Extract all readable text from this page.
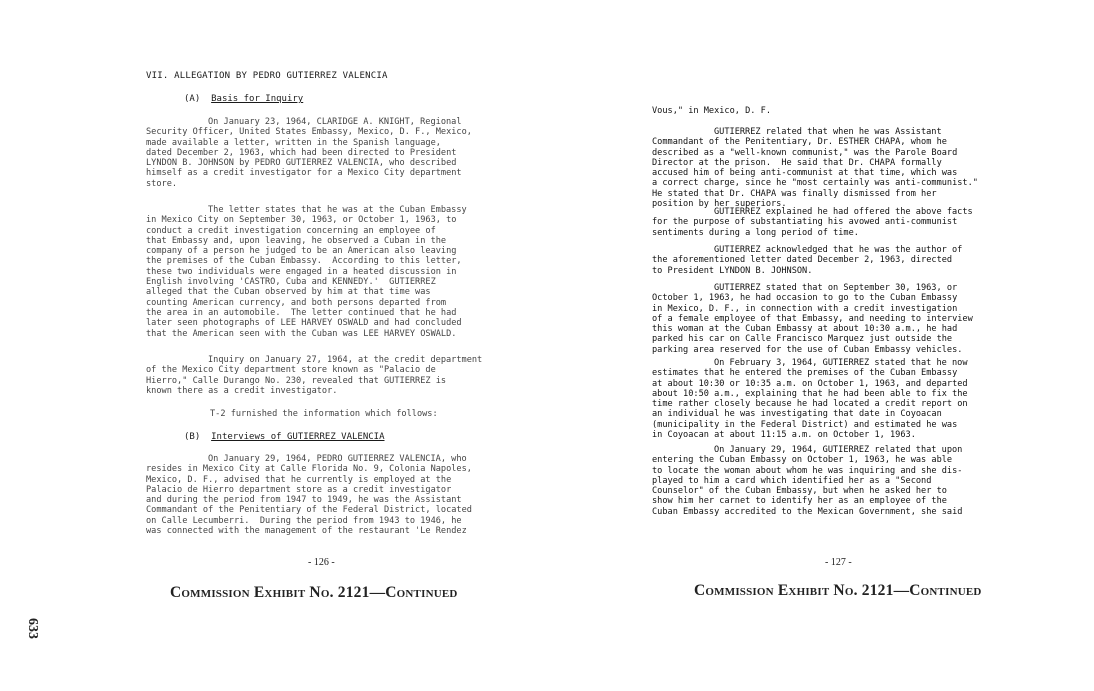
VII. ALLEGATION BY PEDRO GUTIERREZ VALENCIA
(A) Basis for Inquiry
On January 23, 1964, CLARIDGE A. KNIGHT, Regional
Security Officer, United States Embassy, Mexico, D. F., Mexico,
made available a letter, written in the Spanish language,
dated December 2, 1963, which had been directed to President
LYNDON B. JOHNSON by PEDRO GUTIERREZ VALENCIA, who described
himself as a credit investigator for a Mexico City department
store.
The letter states that he was at the Cuban Embassy
in Mexico City on September 30, 1963, or October 1, 1963, to
conduct a credit investigation concerning an employee of
that Embassy and, upon leaving, he observed a Cuban in the
company of a person he judged to be an American also leaving
the premises of the Cuban Embassy.  According to this letter,
these two individuals were engaged in a heated discussion in
English involving 'CASTRO, Cuba and KENNEDY.'  GUTIERREZ
alleged that the Cuban observed by him at that time was
counting American currency, and both persons departed from
the area in an automobile.  The letter continued that he had
later seen photographs of LEE HARVEY OSWALD and had concluded
that the American seen with the Cuban was LEE HARVEY OSWALD.
Inquiry on January 27, 1964, at the credit department
of the Mexico City department store known as "Palacio de
Hierro," Calle Durango No. 230, revealed that GUTIERREZ is
known there as a credit investigator.
T-2 furnished the information which follows:
(B) Interviews of GUTIERREZ VALENCIA
On January 29, 1964, PEDRO GUTIERREZ VALENCIA, who
resides in Mexico City at Calle Florida No. 9, Colonia Napoles,
Mexico, D. F., advised that he currently is employed at the
Palacio de Hierro department store as a credit investigator
and during the period from 1947 to 1949, he was the Assistant
Commandant of the Penitentiary of the Federal District, located
on Calle Lecumberri.  During the period from 1943 to 1946, he
was connected with the management of the restaurant 'Le Rendez
- 126 -
Commission Exhibit No. 2121—Continued
633
Vous," in Mexico, D. F.
GUTIERREZ related that when he was Assistant
Commandant of the Penitentiary, Dr. ESTHER CHAPA, whom he
described as a "well-known communist," was the Parole Board
Director at the prison.  He said that Dr. CHAPA formally
accused him of being anti-communist at that time, which was
a correct charge, since he "most certainly was anti-communist."
He stated that Dr. CHAPA was finally dismissed from her
position by her superiors.
GUTIERREZ explained he had offered the above facts
for the purpose of substantiating his avowed anti-communist
sentiments during a long period of time.
GUTIERREZ acknowledged that he was the author of
the aforementioned letter dated December 2, 1963, directed
to President LYNDON B. JOHNSON.
GUTIERREZ stated that on September 30, 1963, or
October 1, 1963, he had occasion to go to the Cuban Embassy
in Mexico, D. F., in connection with a credit investigation
of a female employee of that Embassy, and needing to interview
this woman at the Cuban Embassy at about 10:30 a.m., he had
parked his car on Calle Francisco Marquez just outside the
parking area reserved for the use of Cuban Embassy vehicles.
On February 3, 1964, GUTIERREZ stated that he now
estimates that he entered the premises of the Cuban Embassy
at about 10:30 or 10:35 a.m. on October 1, 1963, and departed
about 10:50 a.m., explaining that he had been able to fix the
time rather closely because he had located a credit report on
an individual he was investigating that date in Coyoacan
(municipality in the Federal District) and estimated he was
in Coyoacan at about 11:15 a.m. on October 1, 1963.
On January 29, 1964, GUTIERREZ related that upon
entering the Cuban Embassy on October 1, 1963, he was able
to locate the woman about whom he was inquiring and she dis-
played to him a card which identified her as a "Second
Counselor" of the Cuban Embassy, but when he asked her to
show him her carnet to identify her as an employee of the
Cuban Embassy accredited to the Mexican Government, she said
- 127 -
Commission Exhibit No. 2121—Continued
